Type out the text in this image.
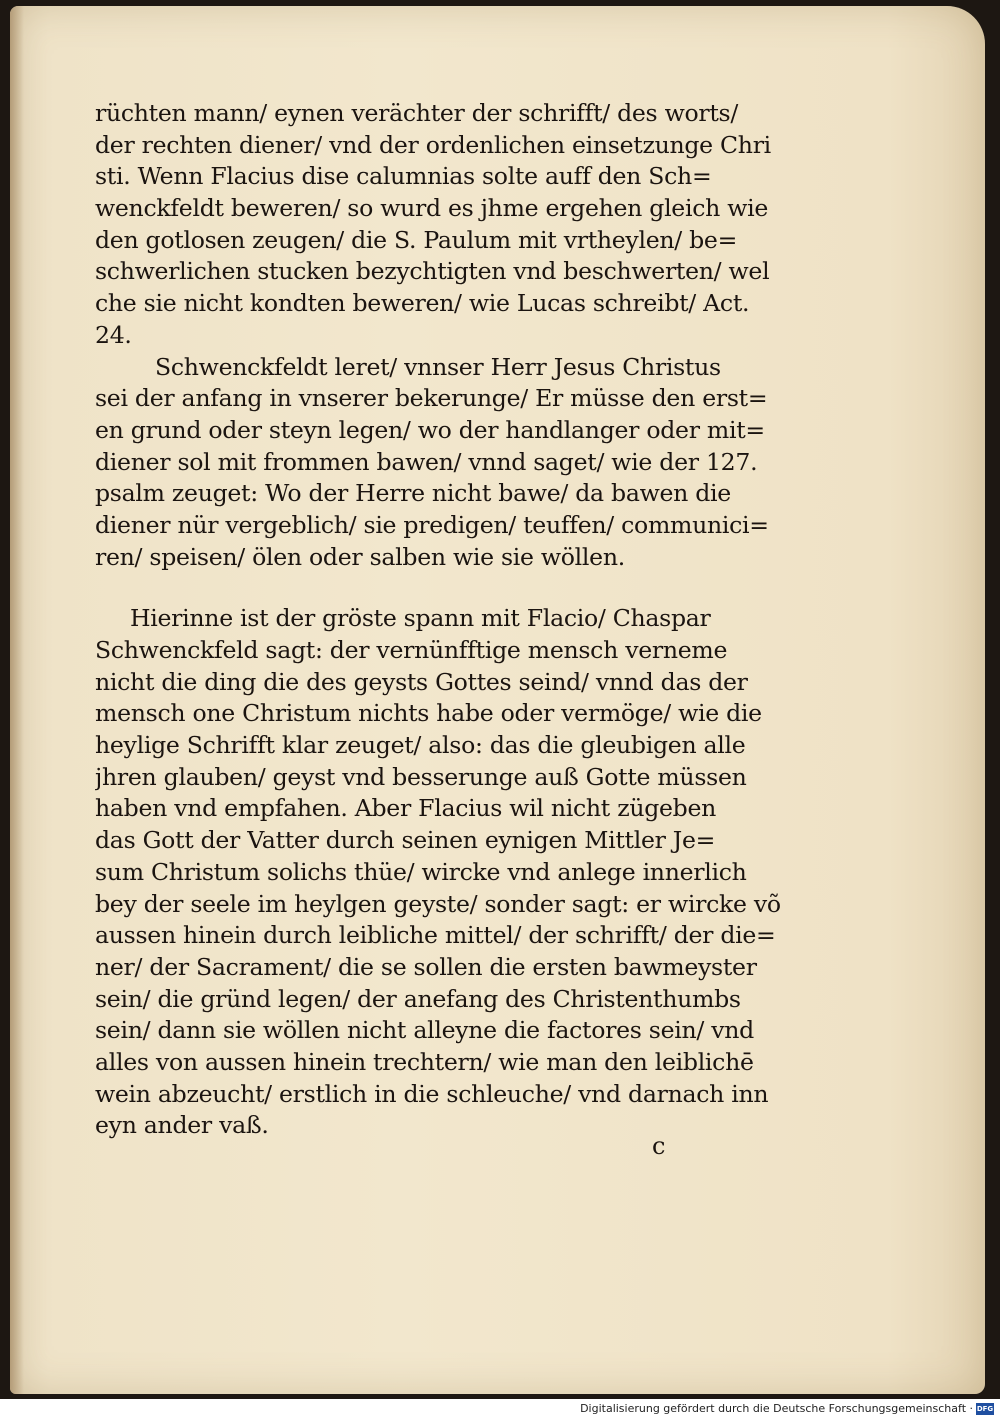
rüchten mann/ eynen verächter der schrifft/ des worts/
der rechten diener/ vnd der ordenlichen einsetzunge Chri
sti. Wenn Flacius dise calumnias solte auff den Sch=
wenckfeldt beweren/ so wurd es jhme ergehen gleich wie
den gotlosen zeugen/ die S. Paulum mit vrtheylen/ be=
schwerlichen stucken bezychtigten vnd beschwerten/ wel
che sie nicht kondten beweren/ wie Lucas schreibt/ Act.
24.
Schwenckfeldt leret/ vnnser Herr Jesus Christus
sei der anfang in vnserer bekerunge/ Er müsse den erst=
en grund oder steyn legen/ wo der handlanger oder mit=
diener sol mit frommen bawen/ vnnd saget/ wie der 127.
psalm zeuget: Wo der Herre nicht bawe/ da bawen die
diener nür vergeblich/ sie predigen/ teuffen/ communici=
ren/ speisen/ ölen oder salben wie sie wöllen.
Hierinne ist der gröste spann mit Flacio/ Chaspar
Schwenckfeld sagt: der vernünfftige mensch verneme
nicht die ding die des geysts Gottes seind/ vnnd das der
mensch one Christum nichts habe oder vermöge/ wie die
heylige Schrifft klar zeuget/ also: das die gleubigen alle
jhren glauben/ geyst vnd besserunge auß Gotte müssen
haben vnd empfahen. Aber Flacius wil nicht zügeben
das Gott der Vatter durch seinen eynigen Mittler Je=
sum Christum solichs thüe/ wircke vnd anlege innerlich
bey der seele im heylgen geyste/ sonder sagt: er wircke võ
aussen hinein durch leibliche mittel/ der schrifft/ der die=
ner/ der Sacrament/ die se sollen die ersten bawmeyster
sein/ die gründ legen/ der anefang des Christenthumbs
sein/ dann sie wöllen nicht alleyne die factores sein/ vnd
alles von aussen hinein trechtern/ wie man den leiblichē
wein abzeucht/ erstlich in die schleuche/ vnd darnach inn
eyn ander vaß.
c
Digitalisierung gefördert durch die Deutsche Forschungsgemeinschaft · DFG
